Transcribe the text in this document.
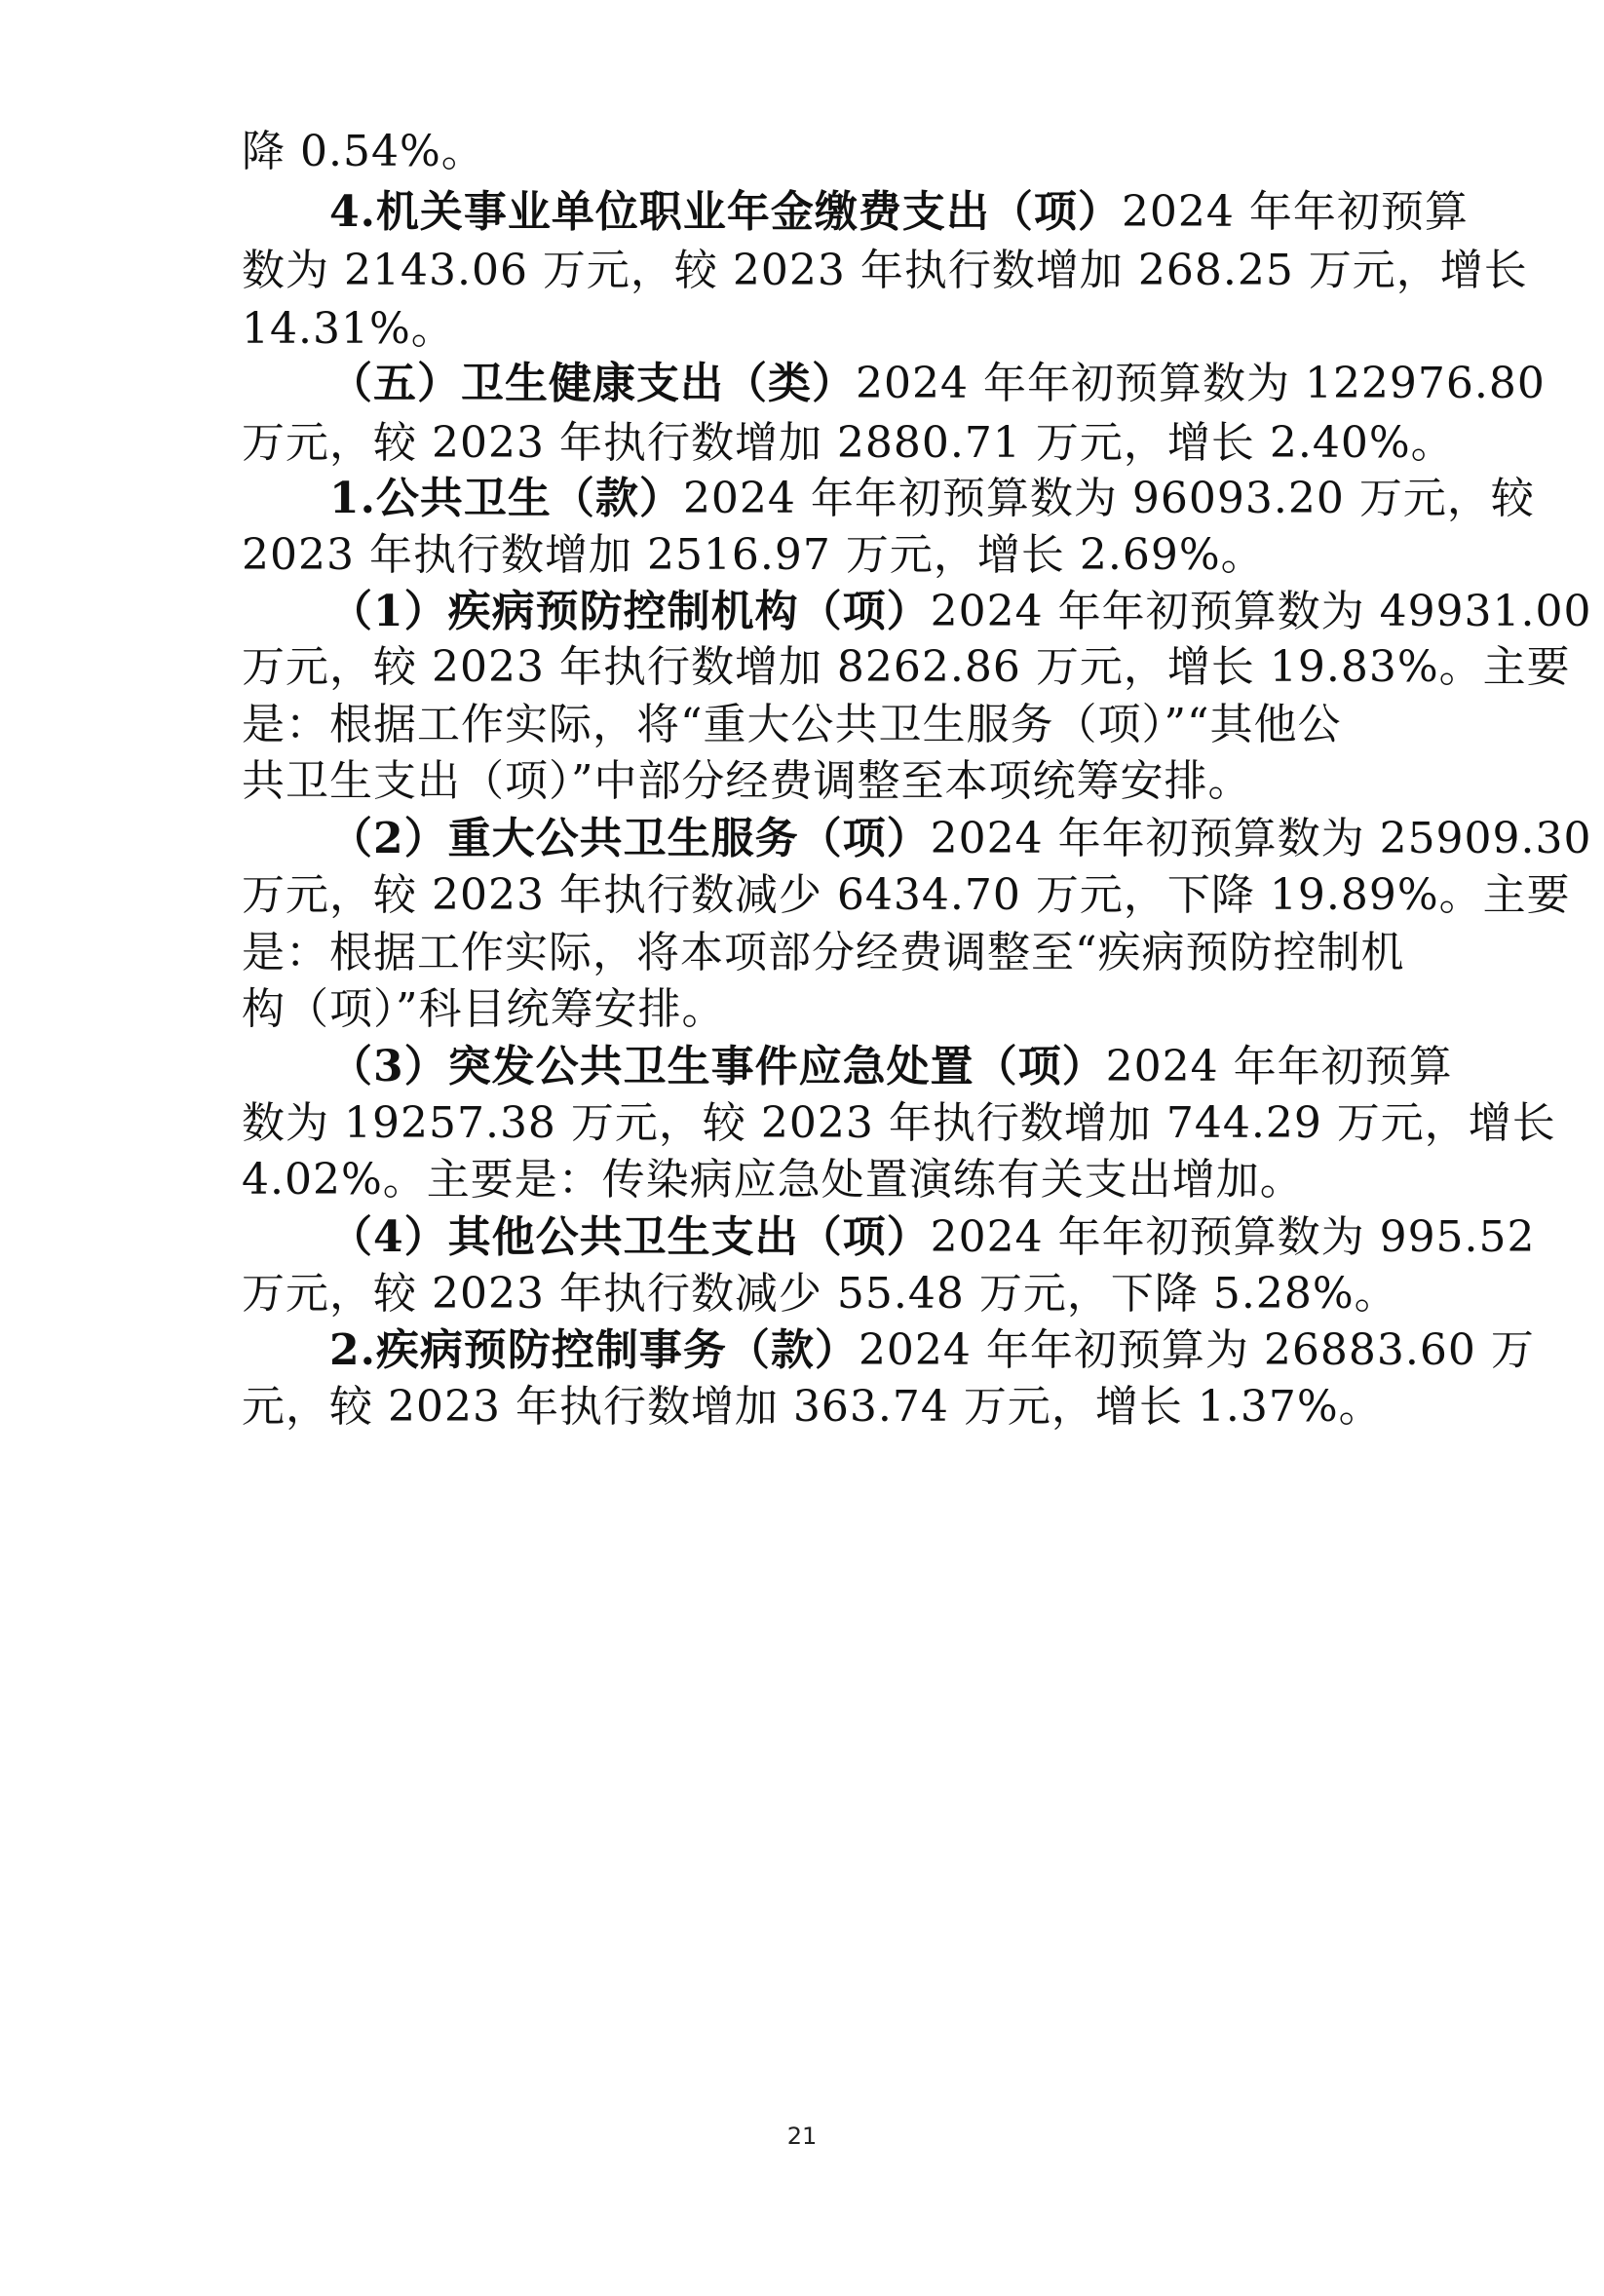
降 0.54%。
4.机关事业单位职业年金缴费支出（项）2024 年年初预算
数为 2143.06 万元，较 2023 年执行数增加 268.25 万元，增长
14.31%。
（五）卫生健康支出（类）2024 年年初预算数为 122976.80
万元，较 2023 年执行数增加 2880.71 万元，增长 2.40%。
1.公共卫生（款）2024 年年初预算数为 96093.20 万元，较
2023 年执行数增加 2516.97 万元，增长 2.69%。
（1）疾病预防控制机构（项）2024 年年初预算数为 49931.00
万元，较 2023 年执行数增加 8262.86 万元，增长 19.83%。主要
是：根据工作实际，将“重大公共卫生服务（项）”“其他公
共卫生支出（项）”中部分经费调整至本项统筹安排。
（2）重大公共卫生服务（项）2024 年年初预算数为 25909.30
万元，较 2023 年执行数减少 6434.70 万元，下降 19.89%。主要
是：根据工作实际，将本项部分经费调整至“疾病预防控制机
构（项）”科目统筹安排。
（3）突发公共卫生事件应急处置（项）2024 年年初预算
数为 19257.38 万元，较 2023 年执行数增加 744.29 万元，增长
4.02%。主要是：传染病应急处置演练有关支出增加。
（4）其他公共卫生支出（项）2024 年年初预算数为 995.52
万元，较 2023 年执行数减少 55.48 万元，下降 5.28%。
2.疾病预防控制事务（款）2024 年年初预算为 26883.60 万
元，较 2023 年执行数增加 363.74 万元，增长 1.37%。
21
